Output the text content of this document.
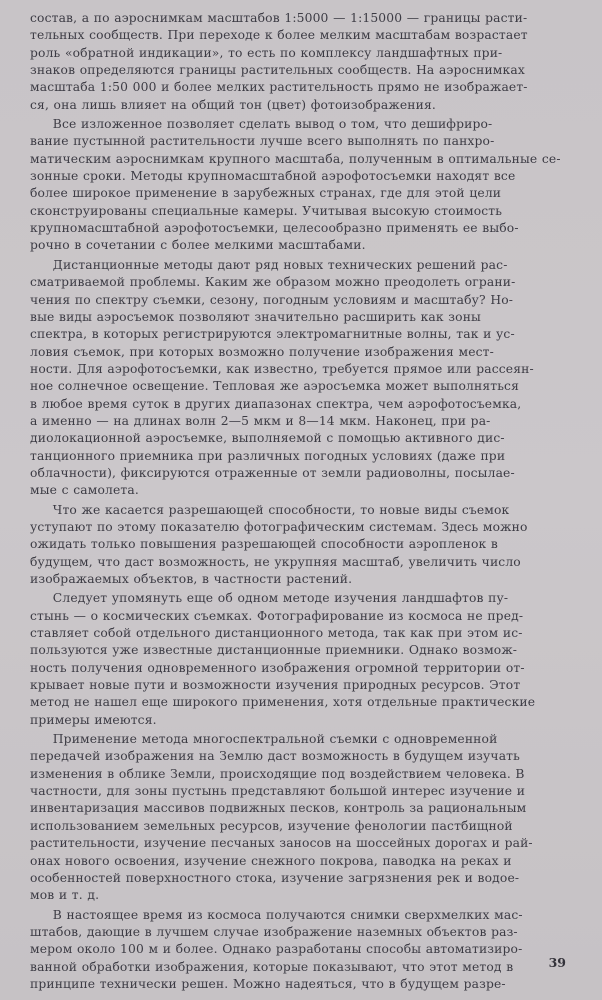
состав, а по аэроснимкам масштабов 1:5000 — 1:15000 — границы расти-
тельных сообществ. При переходе к более мелким масштабам возрастает
роль «обратной индикации», то есть по комплексу ландшафтных при-
знаков определяются границы растительных сообществ. На аэроснимках
масштаба 1:50 000 и более мелких растительность прямо не изображает-
ся, она лишь влияет на общий тон (цвет) фотоизображения.
Все изложенное позволяет сделать вывод о том, что дешифриро-
вание пустынной растительности лучше всего выполнять по панхро-
матическим аэроснимкам крупного масштаба, полученным в оптимальные се-
зонные сроки. Методы крупномасштабной аэрофотосъемки находят все
более широкое применение в зарубежных странах, где для этой цели
сконструированы специальные камеры. Учитывая высокую стоимость
крупномасштабной аэрофотосъемки, целесообразно применять ее выбо-
рочно в сочетании с более мелкими масштабами.
Дистанционные методы дают ряд новых технических решений рас-
сматриваемой проблемы. Каким же образом можно преодолеть ограни-
чения по спектру съемки, сезону, погодным условиям и масштабу? Но-
вые виды аэросъемок позволяют значительно расширить как зоны
спектра, в которых регистрируются электромагнитные волны, так и ус-
ловия съемок, при которых возможно получение изображения мест-
ности. Для аэрофотосъемки, как известно, требуется прямое или рассеян-
ное солнечное освещение. Тепловая же аэросъемка может выполняться
в любое время суток в других диапазонах спектра, чем аэрофотосъемка,
а именно — на длинах волн 2—5 мкм и 8—14 мкм. Наконец, при ра-
диолокационной аэросъемке, выполняемой с помощью активного дис-
танционного приемника при различных погодных условиях (даже при
облачности), фиксируются отраженные от земли радиоволны, посылае-
мые с самолета.
Что же касается разрешающей способности, то новые виды съемок
уступают по этому показателю фотографическим системам. Здесь можно
ожидать только повышения разрешающей способности аэропленок в
будущем, что даст возможность, не укрупняя масштаб, увеличить число
изображаемых объектов, в частности растений.
Следует упомянуть еще об одном методе изучения ландшафтов пу-
стынь — о космических съемках. Фотографирование из космоса не пред-
ставляет собой отдельного дистанционного метода, так как при этом ис-
пользуются уже известные дистанционные приемники. Однако возмож-
ность получения одновременного изображения огромной территории от-
крывает новые пути и возможности изучения природных ресурсов. Этот
метод не нашел еще широкого применения, хотя отдельные практические
примеры имеются.
Применение метода многоспектральной съемки с одновременной
передачей изображения на Землю даст возможность в будущем изучать
изменения в облике Земли, происходящие под воздействием человека. В
частности, для зоны пустынь представляют большой интерес изучение и
инвентаризация массивов подвижных песков, контроль за рациональным
использованием земельных ресурсов, изучение фенологии пастбищной
растительности, изучение песчаных заносов на шоссейных дорогах и рай-
онах нового освоения, изучение снежного покрова, паводка на реках и
особенностей поверхностного стока, изучение загрязнения рек и водое-
мов и т. д.
В настоящее время из космоса получаются снимки сверхмелких мас-
штабов, дающие в лучшем случае изображение наземных объектов раз-
мером около 100 м и более. Однако разработаны способы автоматизиро-
ванной обработки изображения, которые показывают, что этот метод в
принципе технически решен. Можно надеяться, что в будущем разре-
39
